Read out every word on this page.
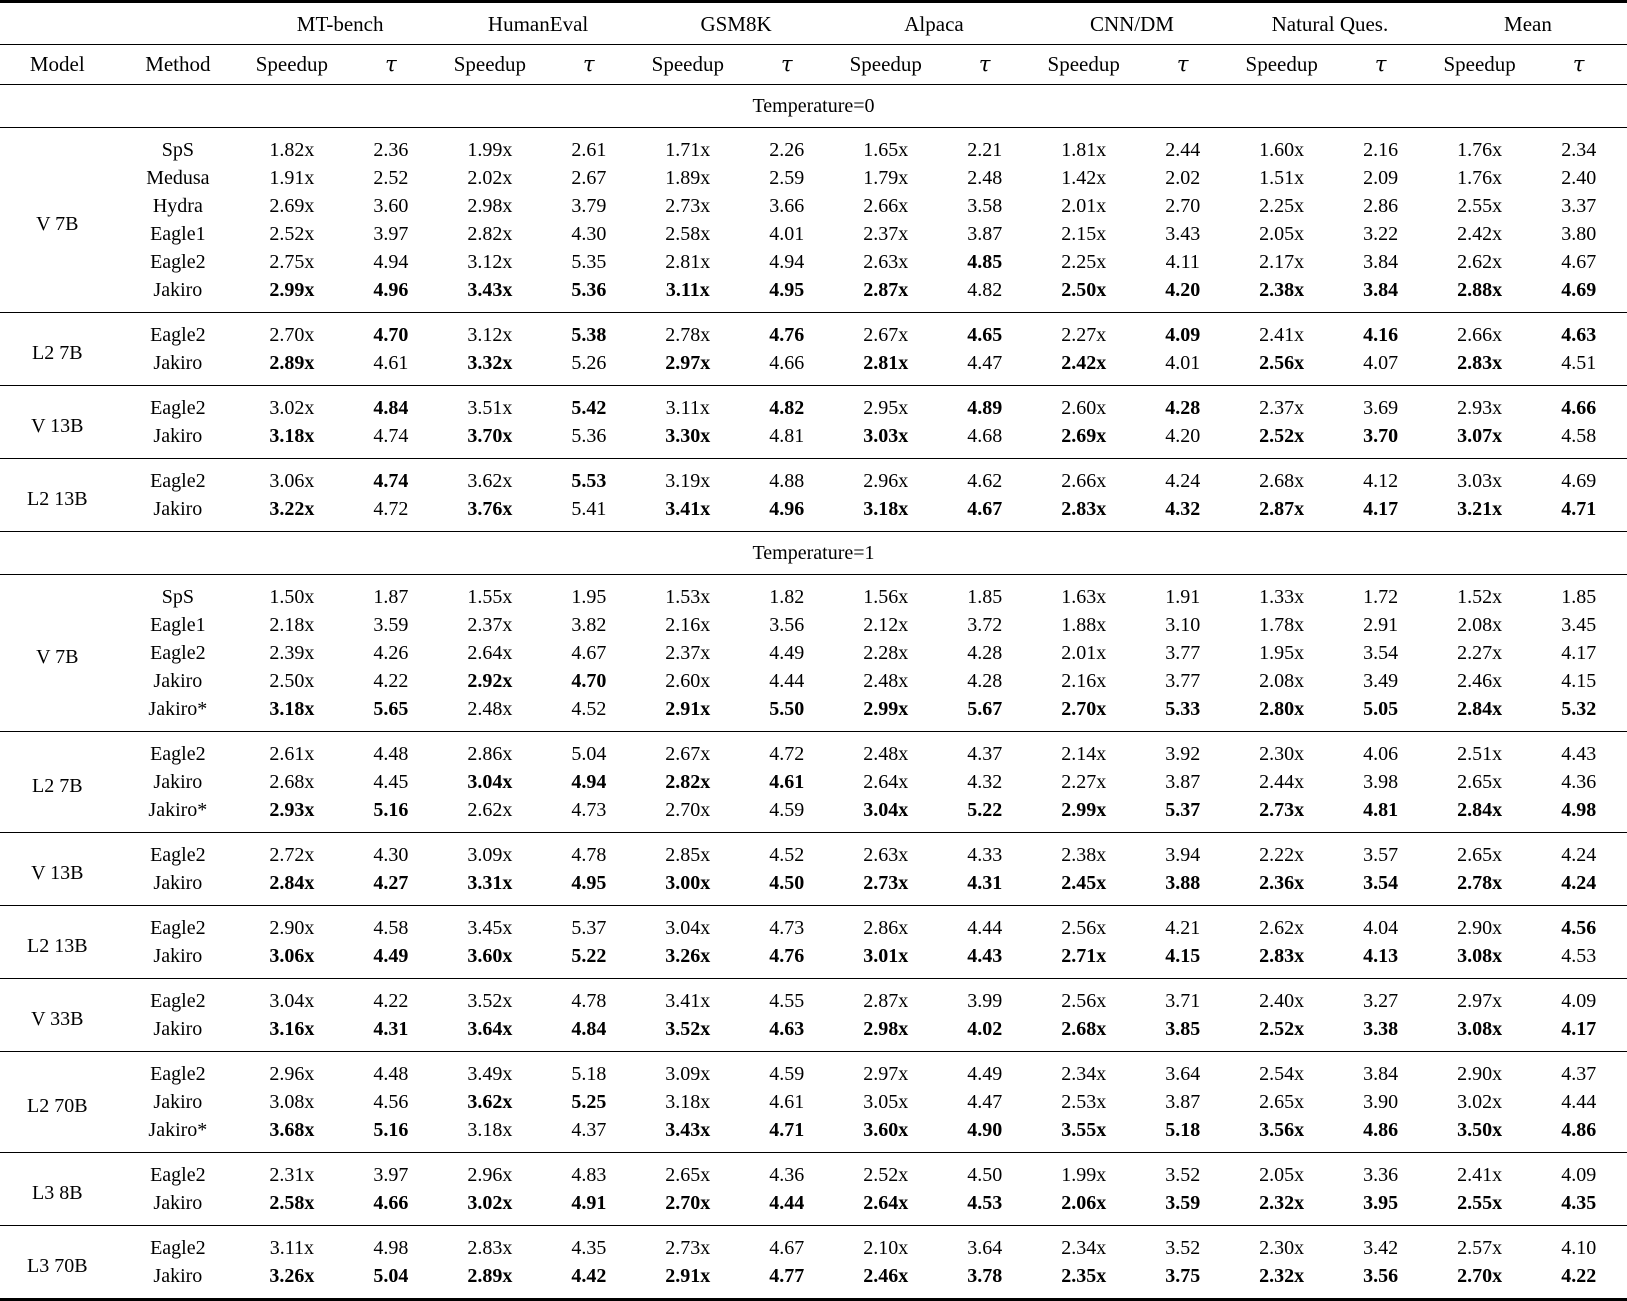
		MT-bench		HumanEval		GSM8K		Alpaca		CNN/DM		Natural Ques.		Mean	
Model	Method	Speedup	τ	Speedup	τ	Speedup	τ	Speedup	τ	Speedup	τ	Speedup	τ	Speedup	τ
Temperature=0															
V 7B	SpS	1.82x	2.36	1.99x	2.61	1.71x	2.26	1.65x	2.21	1.81x	2.44	1.60x	2.16	1.76x	2.34
	Medusa	1.91x	2.52	2.02x	2.67	1.89x	2.59	1.79x	2.48	1.42x	2.02	1.51x	2.09	1.76x	2.40
	Hydra	2.69x	3.60	2.98x	3.79	2.73x	3.66	2.66x	3.58	2.01x	2.70	2.25x	2.86	2.55x	3.37
	Eagle1	2.52x	3.97	2.82x	4.30	2.58x	4.01	2.37x	3.87	2.15x	3.43	2.05x	3.22	2.42x	3.80
	Eagle2	2.75x	4.94	3.12x	5.35	2.81x	4.94	2.63x	4.85	2.25x	4.11	2.17x	3.84	2.62x	4.67
	Jakiro	2.99x	4.96	3.43x	5.36	3.11x	4.95	2.87x	4.82	2.50x	4.20	2.38x	3.84	2.88x	4.69
L2 7B	Eagle2	2.70x	4.70	3.12x	5.38	2.78x	4.76	2.67x	4.65	2.27x	4.09	2.41x	4.16	2.66x	4.63
	Jakiro	2.89x	4.61	3.32x	5.26	2.97x	4.66	2.81x	4.47	2.42x	4.01	2.56x	4.07	2.83x	4.51
V 13B	Eagle2	3.02x	4.84	3.51x	5.42	3.11x	4.82	2.95x	4.89	2.60x	4.28	2.37x	3.69	2.93x	4.66
	Jakiro	3.18x	4.74	3.70x	5.36	3.30x	4.81	3.03x	4.68	2.69x	4.20	2.52x	3.70	3.07x	4.58
L2 13B	Eagle2	3.06x	4.74	3.62x	5.53	3.19x	4.88	2.96x	4.62	2.66x	4.24	2.68x	4.12	3.03x	4.69
	Jakiro	3.22x	4.72	3.76x	5.41	3.41x	4.96	3.18x	4.67	2.83x	4.32	2.87x	4.17	3.21x	4.71
Temperature=1															
V 7B	SpS	1.50x	1.87	1.55x	1.95	1.53x	1.82	1.56x	1.85	1.63x	1.91	1.33x	1.72	1.52x	1.85
	Eagle1	2.18x	3.59	2.37x	3.82	2.16x	3.56	2.12x	3.72	1.88x	3.10	1.78x	2.91	2.08x	3.45
	Eagle2	2.39x	4.26	2.64x	4.67	2.37x	4.49	2.28x	4.28	2.01x	3.77	1.95x	3.54	2.27x	4.17
	Jakiro	2.50x	4.22	2.92x	4.70	2.60x	4.44	2.48x	4.28	2.16x	3.77	2.08x	3.49	2.46x	4.15
	Jakiro*	3.18x	5.65	2.48x	4.52	2.91x	5.50	2.99x	5.67	2.70x	5.33	2.80x	5.05	2.84x	5.32
L2 7B	Eagle2	2.61x	4.48	2.86x	5.04	2.67x	4.72	2.48x	4.37	2.14x	3.92	2.30x	4.06	2.51x	4.43
	Jakiro	2.68x	4.45	3.04x	4.94	2.82x	4.61	2.64x	4.32	2.27x	3.87	2.44x	3.98	2.65x	4.36
	Jakiro*	2.93x	5.16	2.62x	4.73	2.70x	4.59	3.04x	5.22	2.99x	5.37	2.73x	4.81	2.84x	4.98
V 13B	Eagle2	2.72x	4.30	3.09x	4.78	2.85x	4.52	2.63x	4.33	2.38x	3.94	2.22x	3.57	2.65x	4.24
	Jakiro	2.84x	4.27	3.31x	4.95	3.00x	4.50	2.73x	4.31	2.45x	3.88	2.36x	3.54	2.78x	4.24
L2 13B	Eagle2	2.90x	4.58	3.45x	5.37	3.04x	4.73	2.86x	4.44	2.56x	4.21	2.62x	4.04	2.90x	4.56
	Jakiro	3.06x	4.49	3.60x	5.22	3.26x	4.76	3.01x	4.43	2.71x	4.15	2.83x	4.13	3.08x	4.53
V 33B	Eagle2	3.04x	4.22	3.52x	4.78	3.41x	4.55	2.87x	3.99	2.56x	3.71	2.40x	3.27	2.97x	4.09
	Jakiro	3.16x	4.31	3.64x	4.84	3.52x	4.63	2.98x	4.02	2.68x	3.85	2.52x	3.38	3.08x	4.17
L2 70B	Eagle2	2.96x	4.48	3.49x	5.18	3.09x	4.59	2.97x	4.49	2.34x	3.64	2.54x	3.84	2.90x	4.37
	Jakiro	3.08x	4.56	3.62x	5.25	3.18x	4.61	3.05x	4.47	2.53x	3.87	2.65x	3.90	3.02x	4.44
	Jakiro*	3.68x	5.16	3.18x	4.37	3.43x	4.71	3.60x	4.90	3.55x	5.18	3.56x	4.86	3.50x	4.86
L3 8B	Eagle2	2.31x	3.97	2.96x	4.83	2.65x	4.36	2.52x	4.50	1.99x	3.52	2.05x	3.36	2.41x	4.09
	Jakiro	2.58x	4.66	3.02x	4.91	2.70x	4.44	2.64x	4.53	2.06x	3.59	2.32x	3.95	2.55x	4.35
L3 70B	Eagle2	3.11x	4.98	2.83x	4.35	2.73x	4.67	2.10x	3.64	2.34x	3.52	2.30x	3.42	2.57x	4.10
	Jakiro	3.26x	5.04	2.89x	4.42	2.91x	4.77	2.46x	3.78	2.35x	3.75	2.32x	3.56	2.70x	4.22
